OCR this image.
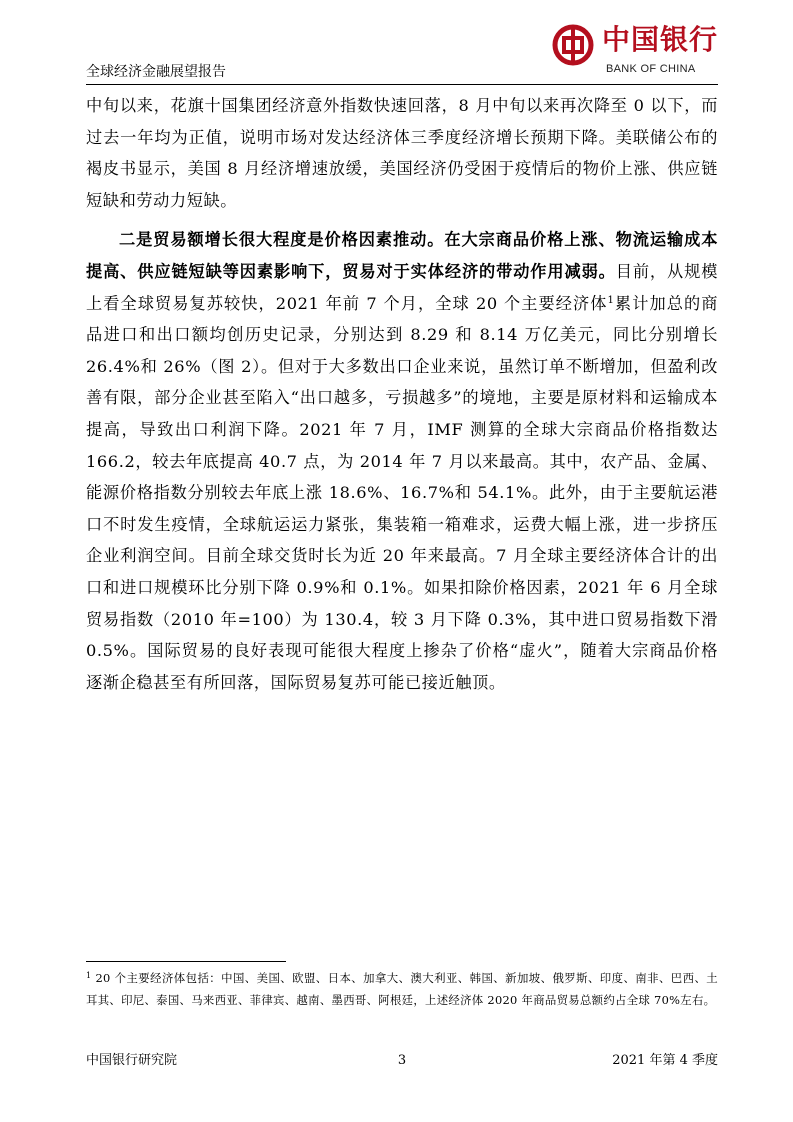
全球经济金融展望报告
中国银行
BANK OF CHINA

中旬以来，花旗十国集团经济意外指数快速回落，8 月中旬以来再次降至 0 以下，而过去一年均为正值，说明市场对发达经济体三季度经济增长预期下降。美联储公布的褐皮书显示，美国 8 月经济增速放缓，美国经济仍受困于疫情后的物价上涨、供应链短缺和劳动力短缺。

二是贸易额增长很大程度是价格因素推动。在大宗商品价格上涨、物流运输成本提高、供应链短缺等因素影响下，贸易对于实体经济的带动作用减弱。目前，从规模上看全球贸易复苏较快，2021 年前 7 个月，全球 20 个主要经济体$^1$累计加总的商品进口和出口额均创历史记录，分别达到 8.29 和 8.14 万亿美元，同比分别增长 26.4%和 26%（图 2）。但对于大多数出口企业来说，虽然订单不断增加，但盈利改善有限，部分企业甚至陷入“出口越多，亏损越多”的境地，主要是原材料和运输成本提高，导致出口利润下降。2021 年 7 月，IMF 测算的全球大宗商品价格指数达 166.2，较去年底提高 40.7 点，为 2014 年 7 月以来最高。其中，农产品、金属、能源价格指数分别较去年底上涨 18.6%、16.7%和 54.1%。此外，由于主要航运港口不时发生疫情，全球航运运力紧张，集装箱一箱难求，运费大幅上涨，进一步挤压企业利润空间。目前全球交货时长为近 20 年来最高。7 月全球主要经济体合计的出口和进口规模环比分别下降 0.9%和 0.1%。如果扣除价格因素，2021 年 6 月全球贸易指数（2010 年=100）为 130.4，较 3 月下降 0.3%，其中进口贸易指数下滑 0.5%。国际贸易的良好表现可能很大程度上掺杂了价格“虚火”，随着大宗商品价格逐渐企稳甚至有所回落，国际贸易复苏可能已接近触顶。

$^1$ 20 个主要经济体包括：中国、美国、欧盟、日本、加拿大、澳大利亚、韩国、新加坡、俄罗斯、印度、南非、巴西、土耳其、印尼、泰国、马来西亚、菲律宾、越南、墨西哥、阿根廷，上述经济体 2020 年商品贸易总额约占全球 70%左右。
中国银行研究院	3	2021 年第 4 季度
